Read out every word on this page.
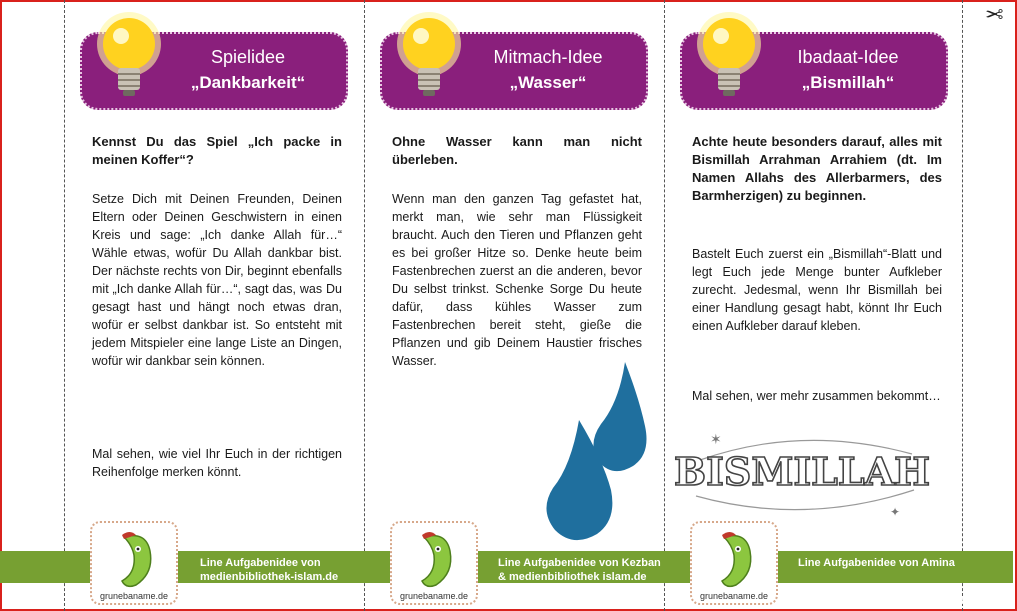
✂
Spielidee
„Dankbarkeit“
Kennst Du das Spiel „Ich packe in meinen Koffer“?
Setze Dich mit Deinen Freunden, Deinen Eltern oder Deinen Geschwistern in einen Kreis und sage: „Ich danke Allah für…“ Wähle etwas, wofür Du Allah dankbar bist. Der nächste rechts von Dir, beginnt ebenfalls mit „Ich danke Allah für…“, sagt das, was Du gesagt hast und hängt noch etwas dran, wofür er selbst dankbar ist. So entsteht mit jedem Mitspieler eine lange Liste an Dingen, wofür wir dankbar sein können.
Mal sehen, wie viel Ihr Euch in der richtigen Reihenfolge merken könnt.
grunebaname.de
Line Aufgabenidee von
medienbibliothek-islam.de
Mitmach-Idee
„Wasser“
Ohne Wasser kann man nicht überleben.
Wenn man den ganzen Tag gefastet hat, merkt man, wie sehr man Flüssigkeit braucht. Auch den Tieren und Pflanzen geht es bei großer Hitze so. Denke heute beim Fastenbrechen zuerst an die anderen, bevor Du selbst trinkst. Schenke Sorge Du heute dafür, dass kühles Wasser zum Fastenbrechen bereit steht, gieße die Pflanzen und gib Deinem Haustier frisches Wasser.
grunebaname.de
Line Aufgabenidee von Kezban
& medienbibliothek islam.de
Ibadaat-Idee
„Bismillah“
Achte heute besonders darauf, alles mit Bismillah Arrahman Arrahiem (dt. Im Namen Allahs des Allerbarmers, des Barmherzigen) zu beginnen.
Bastelt Euch zuerst ein „Bismillah“-Blatt und legt Euch jede Menge bunter Aufkleber zurecht. Jedesmal, wenn Ihr Bismillah bei einer Handlung gesagt habt, könnt Ihr Euch einen Aufkleber darauf kleben.
Mal sehen, wer mehr zusammen bekommt…
grunebaname.de
Line Aufgabenidee von Amina
✶
✦
BISMILLAH
Arbeitsblatt Ramadan Grundschule
